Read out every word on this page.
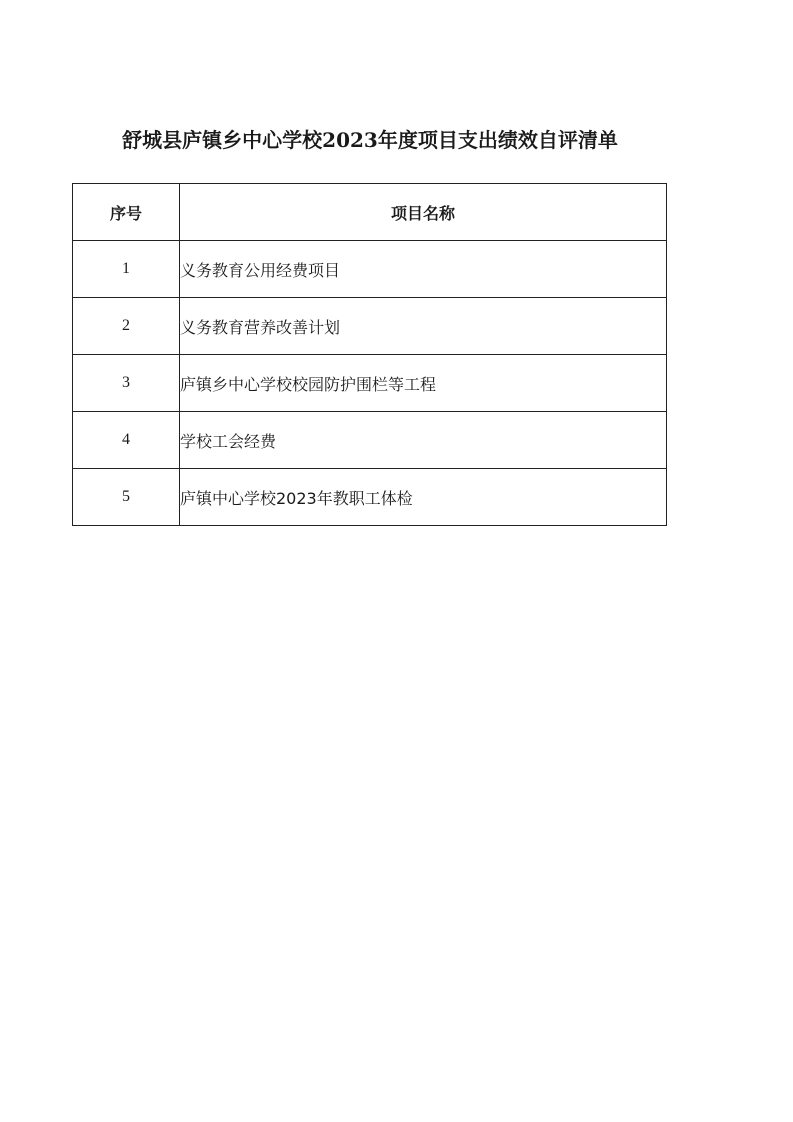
舒城县庐镇乡中心学校2023年度项目支出绩效自评清单
序号	项目名称
1	义务教育公用经费项目
2	义务教育营养改善计划
3	庐镇乡中心学校校园防护围栏等工程
4	学校工会经费
5	庐镇中心学校2023年教职工体检
